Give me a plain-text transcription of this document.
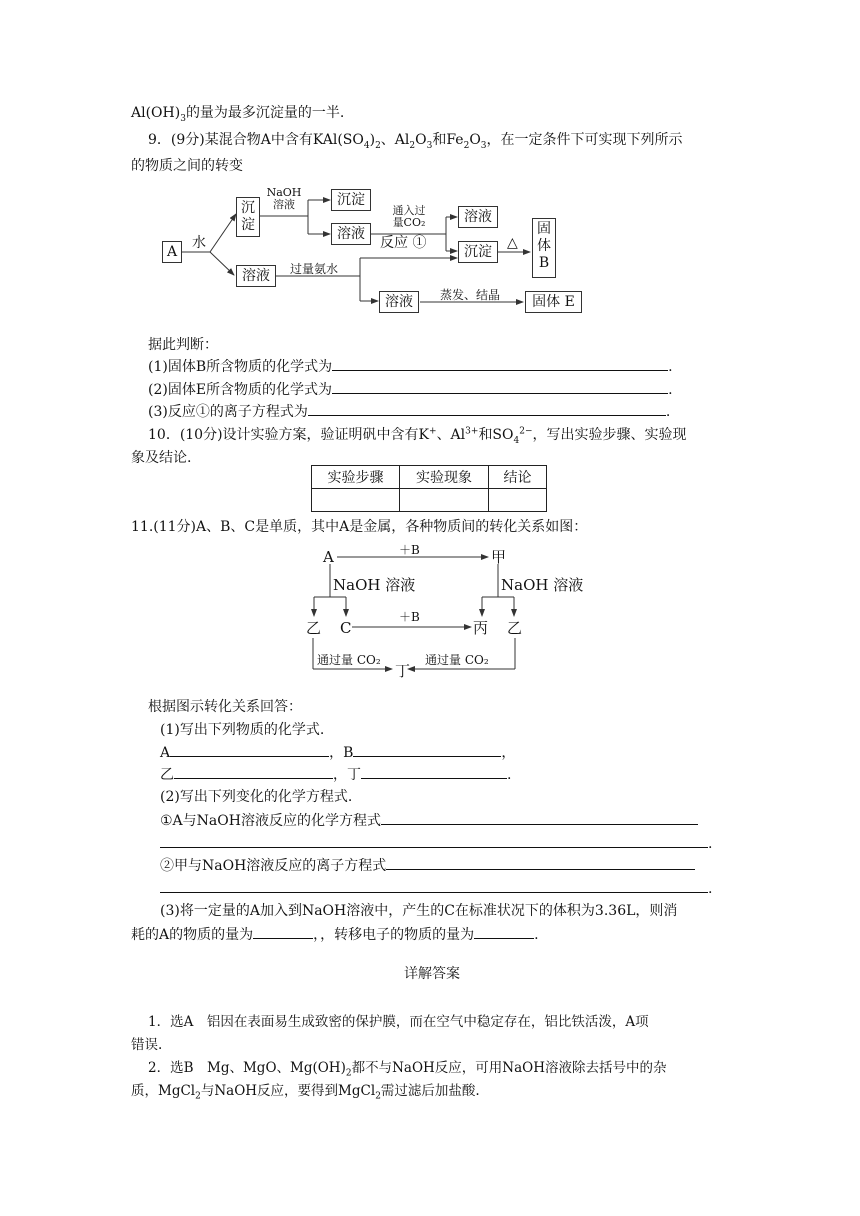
$Al(OH)_3$的量为最多沉淀量的一半.
9．(9分)某混合物A中含有$KAl(SO_4)_2$、$Al_2O_3$和$Fe_2O_3$，在一定条件下可实现下列所示
的物质之间的转变
A
水
沉
淀
NaOH
溶液	沉淀
溶液
通入过
量CO₂
反应 ①
溶液
沉淀
△
固
体
B
溶液	过量氨水
溶液	蒸发、结晶	固体 E
据此判断：
(1)固体B所含物质的化学式为	.
(2)固体E所含物质的化学式为	.
(3)反应①的离子方程式为	.
10．(10分)设计实验方案，验证明矾中含有K+、$Al^{3+}$和$SO_4^{2-}$，写出实验步骤、实验现
象及结论.
实验步骤	实验现象	结论

11.(11分)A、B、C是单质，其中A是金属，各种物质间的转化关系如图：
A	甲
＋B
NaOH 溶液	NaOH 溶液
乙 C
＋B
丙 乙
通过量 CO₂	通过量 CO₂
丁
根据图示转化关系回答：
(1)写出下列物质的化学式.
A	，B	，
乙	，丁	.
(2)写出下列变化的化学方程式.
①A与NaOH溶液反应的化学方程式
.
②甲与NaOH溶液反应的离子方程式
.
(3)将一定量的A加入到NaOH溶液中，产生的C在标准状况下的体积为3.36L，则消
耗的A的物质的量为	，，转移电子的物质的量为	.
详解答案
1．选A　铝因在表面易生成致密的保护膜，而在空气中稳定存在，铝比铁活泼，A项
错误.
2．选B　Mg、MgO、$Mg(OH)_2$都不与NaOH反应，可用NaOH溶液除去括号中的杂
质，MgCl$_2$与NaOH反应，要得到MgCl$_2$需过滤后加盐酸.
